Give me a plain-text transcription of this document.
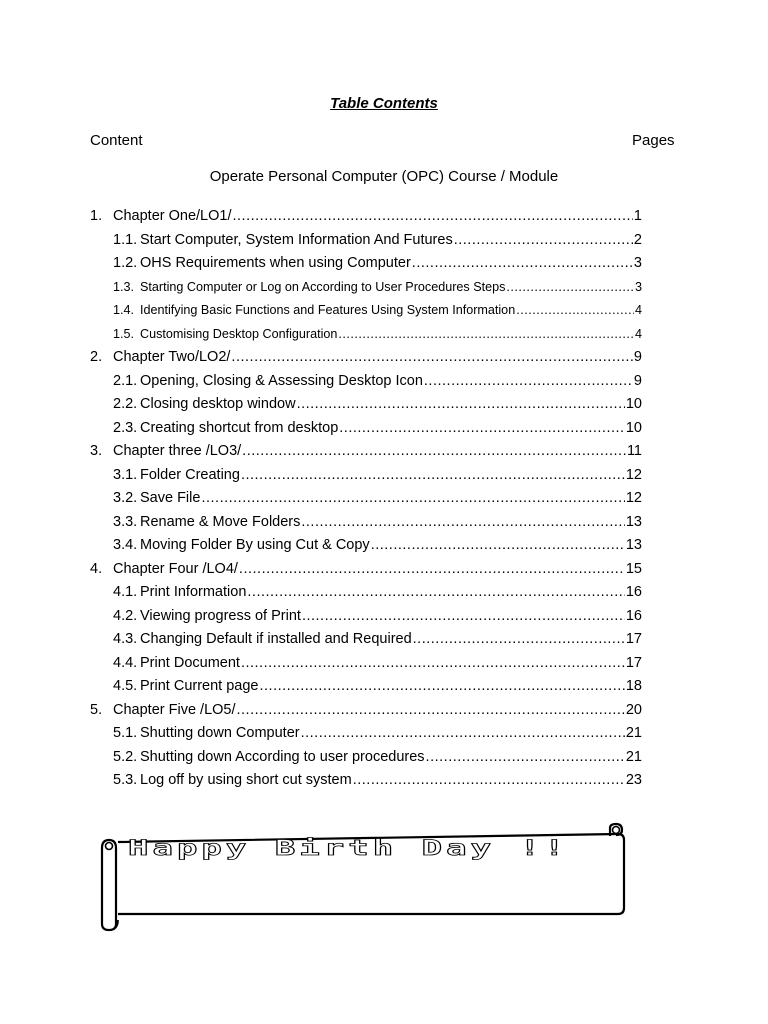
Table Contents
Content	Pages
Operate Personal Computer (OPC) Course / Module
1. Chapter One/LO1/ .....	1
1.1. Start Computer, System Information And Futures .....	2
1.2. OHS Requirements when using Computer .....	3
1.3. Starting Computer or Log on According to User Procedures Steps .....	3
1.4. Identifying Basic Functions and Features Using System Information .....	4
1.5. Customising Desktop Configuration .....	4
2. Chapter Two/LO2/ .....	9
2.1. Opening, Closing & Assessing Desktop Icon .....	9
2.2. Closing desktop window .....	10
2.3. Creating shortcut from desktop .....	10
3. Chapter three /LO3/ .....	11
3.1. Folder Creating .....	12
3.2. Save File .....	12
3.3. Rename & Move Folders .....	13
3.4. Moving Folder By using Cut & Copy .....	13
4. Chapter Four /LO4/ .....	15
4.1. Print Information .....	16
4.2. Viewing progress of Print .....	16
4.3. Changing Default if installed and Required .....	17
4.4. Print Document .....	17
4.5. Print Current page .....	18
5. Chapter Five /LO5/ .....	20
5.1. Shutting down Computer .....	21
5.2. Shutting down According to user procedures .....	21
5.3. Log off by using short cut system .....	23
Happy Birth Day !!
